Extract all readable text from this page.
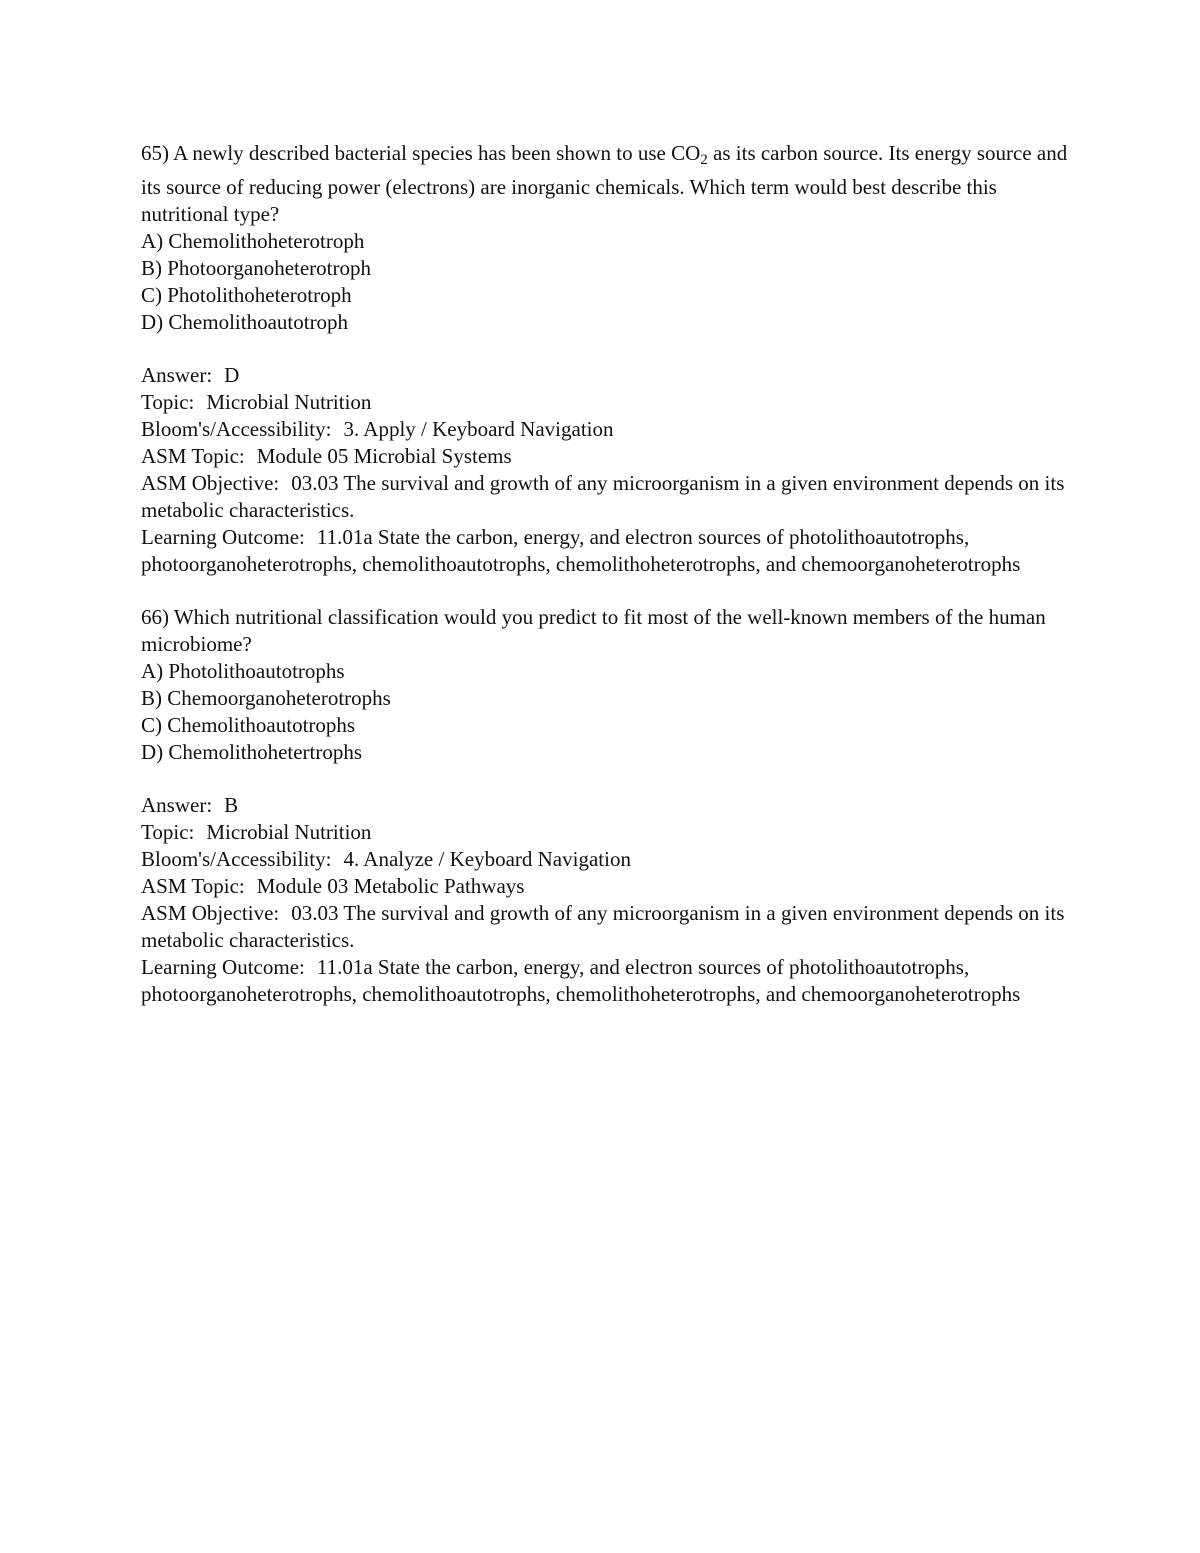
65) A newly described bacterial species has been shown to use $CO_2$ as its carbon source. Its energy source and its source of reducing power (electrons) are inorganic chemicals. Which term would best describe this nutritional type?

A) Chemolithoheterotroph
B) Photoorganoheterotroph
C) Photolithoheterotroph
D) Chemolithoautotroph
Answer: D
Topic: Microbial Nutrition
Bloom's/Accessibility: 3. Apply / Keyboard Navigation
ASM Topic: Module 05 Microbial Systems
ASM Objective: 03.03 The survival and growth of any microorganism in a given environment depends on its metabolic characteristics.
Learning Outcome: 11.01a State the carbon, energy, and electron sources of photolithoautotrophs, photoorganoheterotrophs, chemolithoautotrophs, chemolithoheterotrophs, and chemoorganoheterotrophs

66) Which nutritional classification would you predict to fit most of the well-known members of the human microbiome?

A) Photolithoautotrophs
B) Chemoorganoheterotrophs
C) Chemolithoautotrophs
D) Chemolithohetertrophs
Answer: B
Topic: Microbial Nutrition
Bloom's/Accessibility: 4. Analyze / Keyboard Navigation
ASM Topic: Module 03 Metabolic Pathways
ASM Objective: 03.03 The survival and growth of any microorganism in a given environment depends on its metabolic characteristics.
Learning Outcome: 11.01a State the carbon, energy, and electron sources of photolithoautotrophs, photoorganoheterotrophs, chemolithoautotrophs, chemolithoheterotrophs, and chemoorganoheterotrophs
